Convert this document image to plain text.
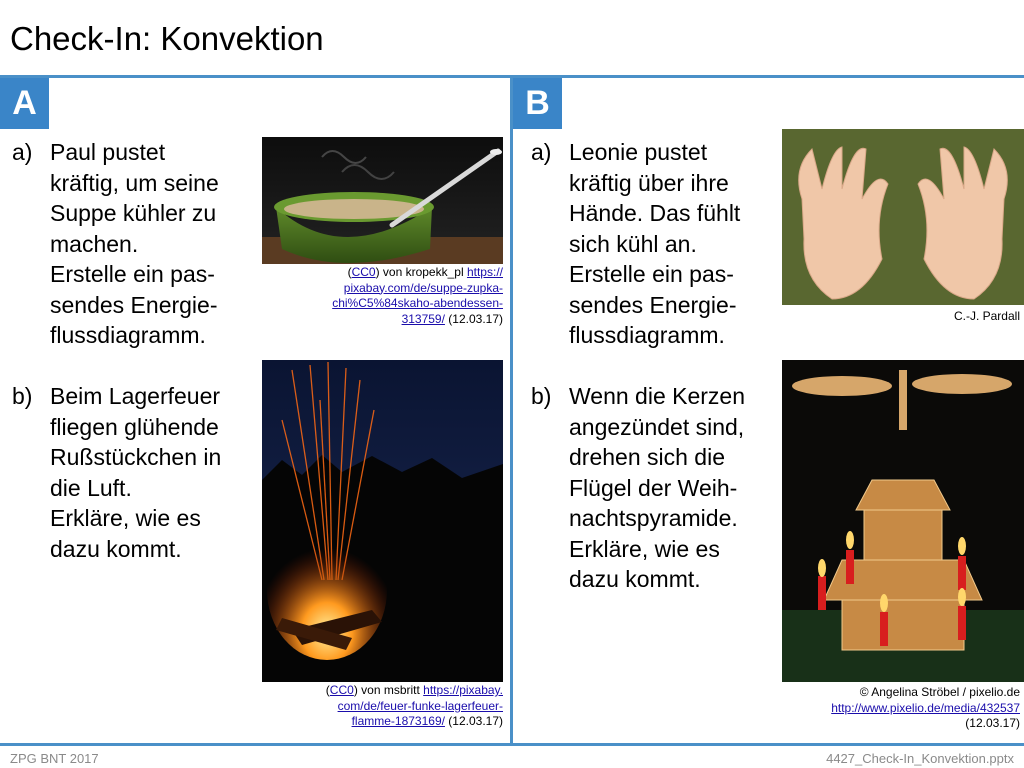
Check-In: Konvektion
A
a) Paul pustet
kräftig, um seine
Suppe kühler zu
machen.
Erstelle ein pas-
sendes Energie-
flussdiagramm.
b) Beim Lagerfeuer
fliegen glühende
Rußstückchen in
die Luft.
Erkläre, wie es
dazu kommt.
(CC0) von kropekk_pl https://
pixabay.com/de/suppe-zupka-
chi%C5%84skaho-abendessen-
313759/ (12.03.17)
(CC0) von msbritt https://pixabay.
com/de/feuer-funke-lagerfeuer-
flamme-1873169/ (12.03.17)
B
a) Leonie pustet
kräftig über ihre
Hände. Das fühlt
sich kühl an.
Erstelle ein pas-
sendes Energie-
flussdiagramm.
b) Wenn die Kerzen
angezündet sind,
drehen sich die
Flügel der Weih-
nachtspyramide.
Erkläre, wie es
dazu kommt.
C.-J. Pardall
© Angelina Ströbel / pixelio.de
http://www.pixelio.de/media/432537
(12.03.17)
ZPG BNT 2017	4427_Check-In_Konvektion.pptx
